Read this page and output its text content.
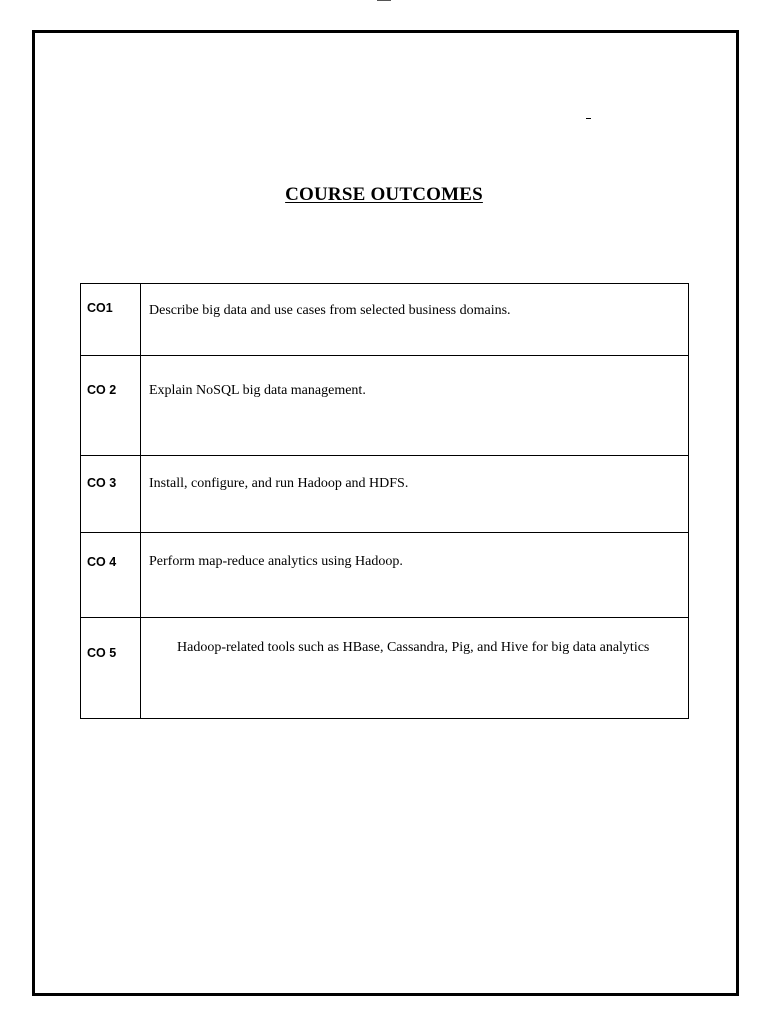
COURSE OUTCOMES
CO1	Describe big data and use cases from selected business domains.
CO 2	Explain NoSQL big data management.
CO 3	Install, configure, and run Hadoop and HDFS.
CO 4	Perform map-reduce analytics using Hadoop.
CO 5	Hadoop-related tools such as HBase, Cassandra, Pig, and Hive for big data analytics
